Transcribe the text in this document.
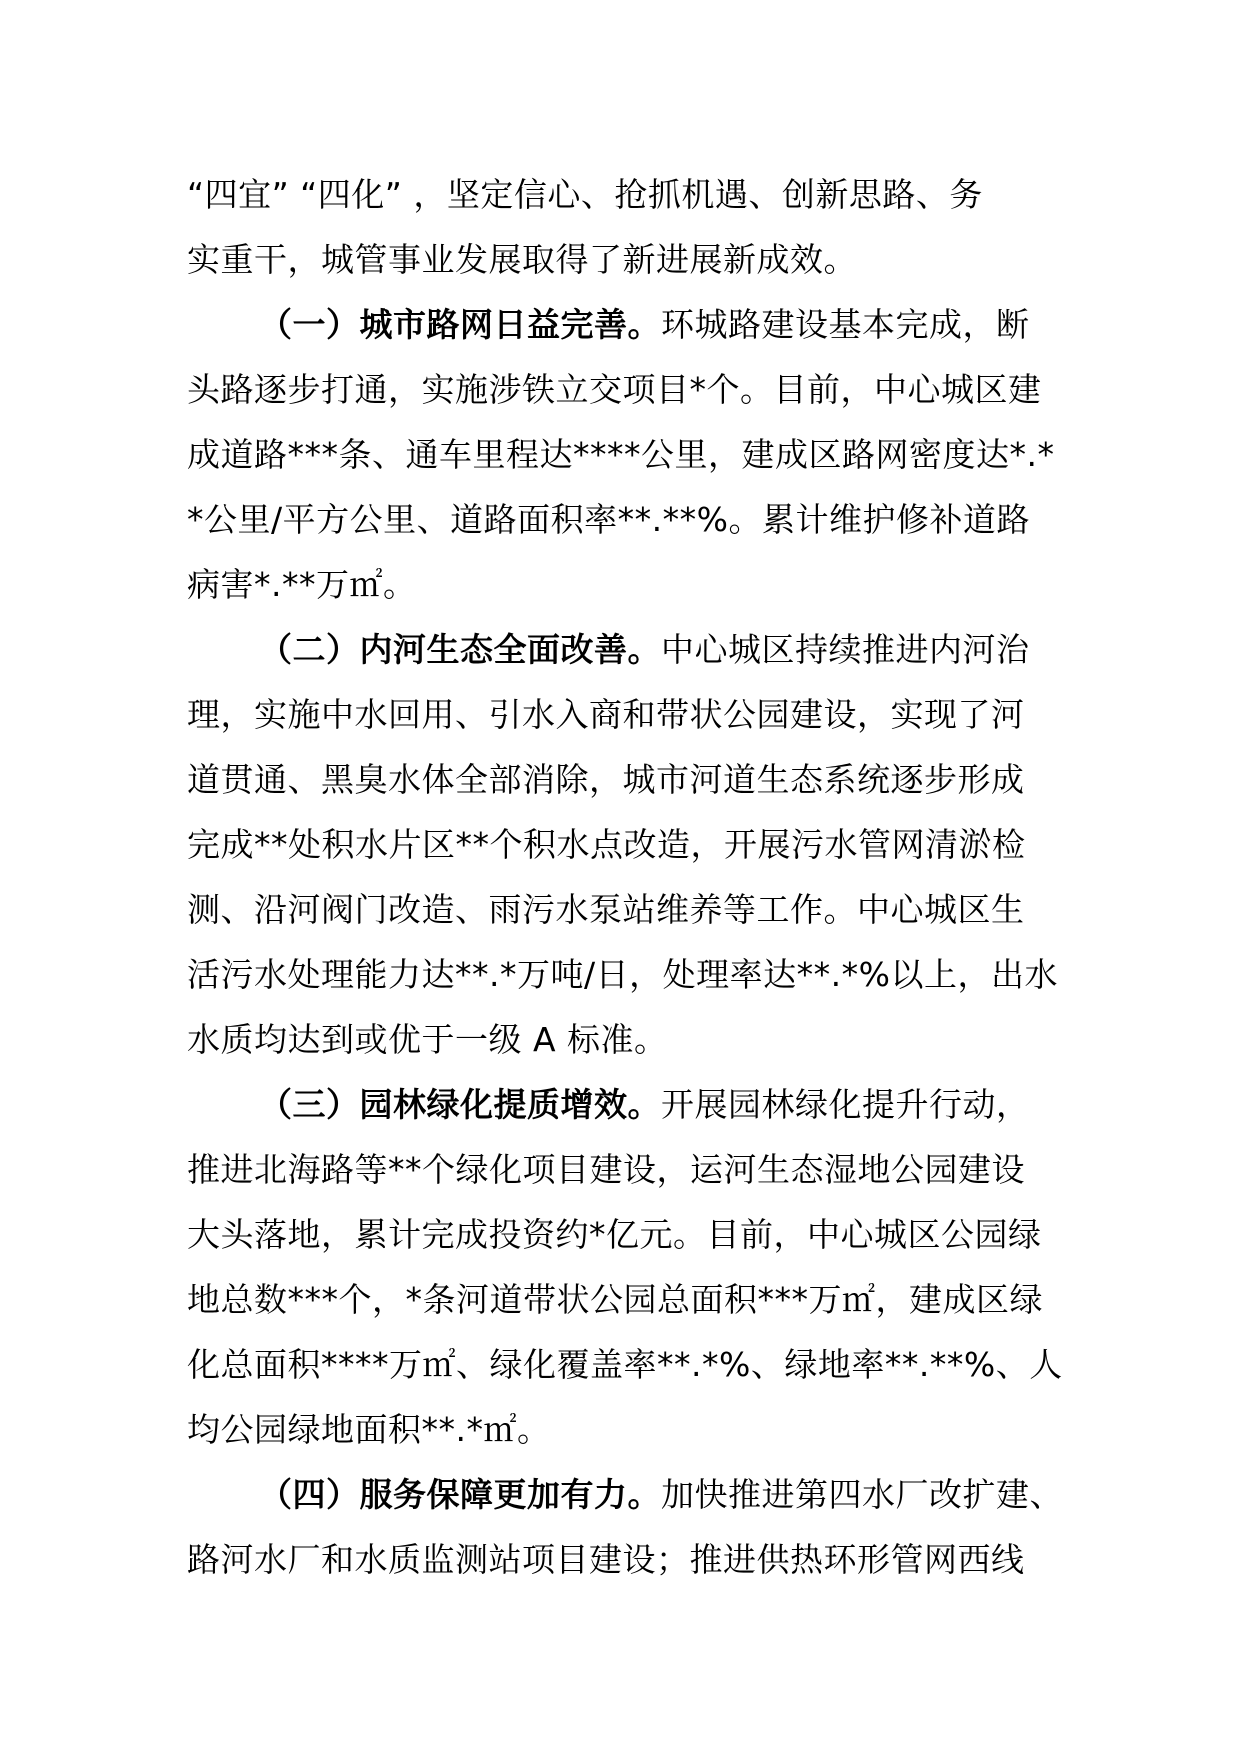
“四宜” “四化” ，坚定信心、抢抓机遇、创新思路、务
实重干，城管事业发展取得了新进展新成效。
（一）城市路网日益完善。环城路建设基本完成，断
头路逐步打通，实施涉铁立交项目*个。目前，中心城区建
成道路***条、通车里程达****公里，建成区路网密度达*.*
*公里/平方公里、道路面积率**.**%。累计维护修补道路
病害*.**万㎡。
（二）内河生态全面改善。中心城区持续推进内河治
理，实施中水回用、引水入商和带状公园建设，实现了河
道贯通、黑臭水体全部消除，城市河道生态系统逐步形成
完成**处积水片区**个积水点改造，开展污水管网清淤检
测、沿河阀门改造、雨污水泵站维养等工作。中心城区生
活污水处理能力达**.*万吨/日，处理率达**.*%以上，出水
水质均达到或优于一级 A 标准。
（三）园林绿化提质增效。开展园林绿化提升行动，
推进北海路等**个绿化项目建设，运河生态湿地公园建设
大头落地，累计完成投资约*亿元。目前，中心城区公园绿
地总数***个，*条河道带状公园总面积***万㎡，建成区绿
化总面积****万㎡、绿化覆盖率**.*%、绿地率**.**%、人
均公园绿地面积**.*㎡。
（四）服务保障更加有力。加快推进第四水厂改扩建、
路河水厂和水质监测站项目建设；推进供热环形管网西线
